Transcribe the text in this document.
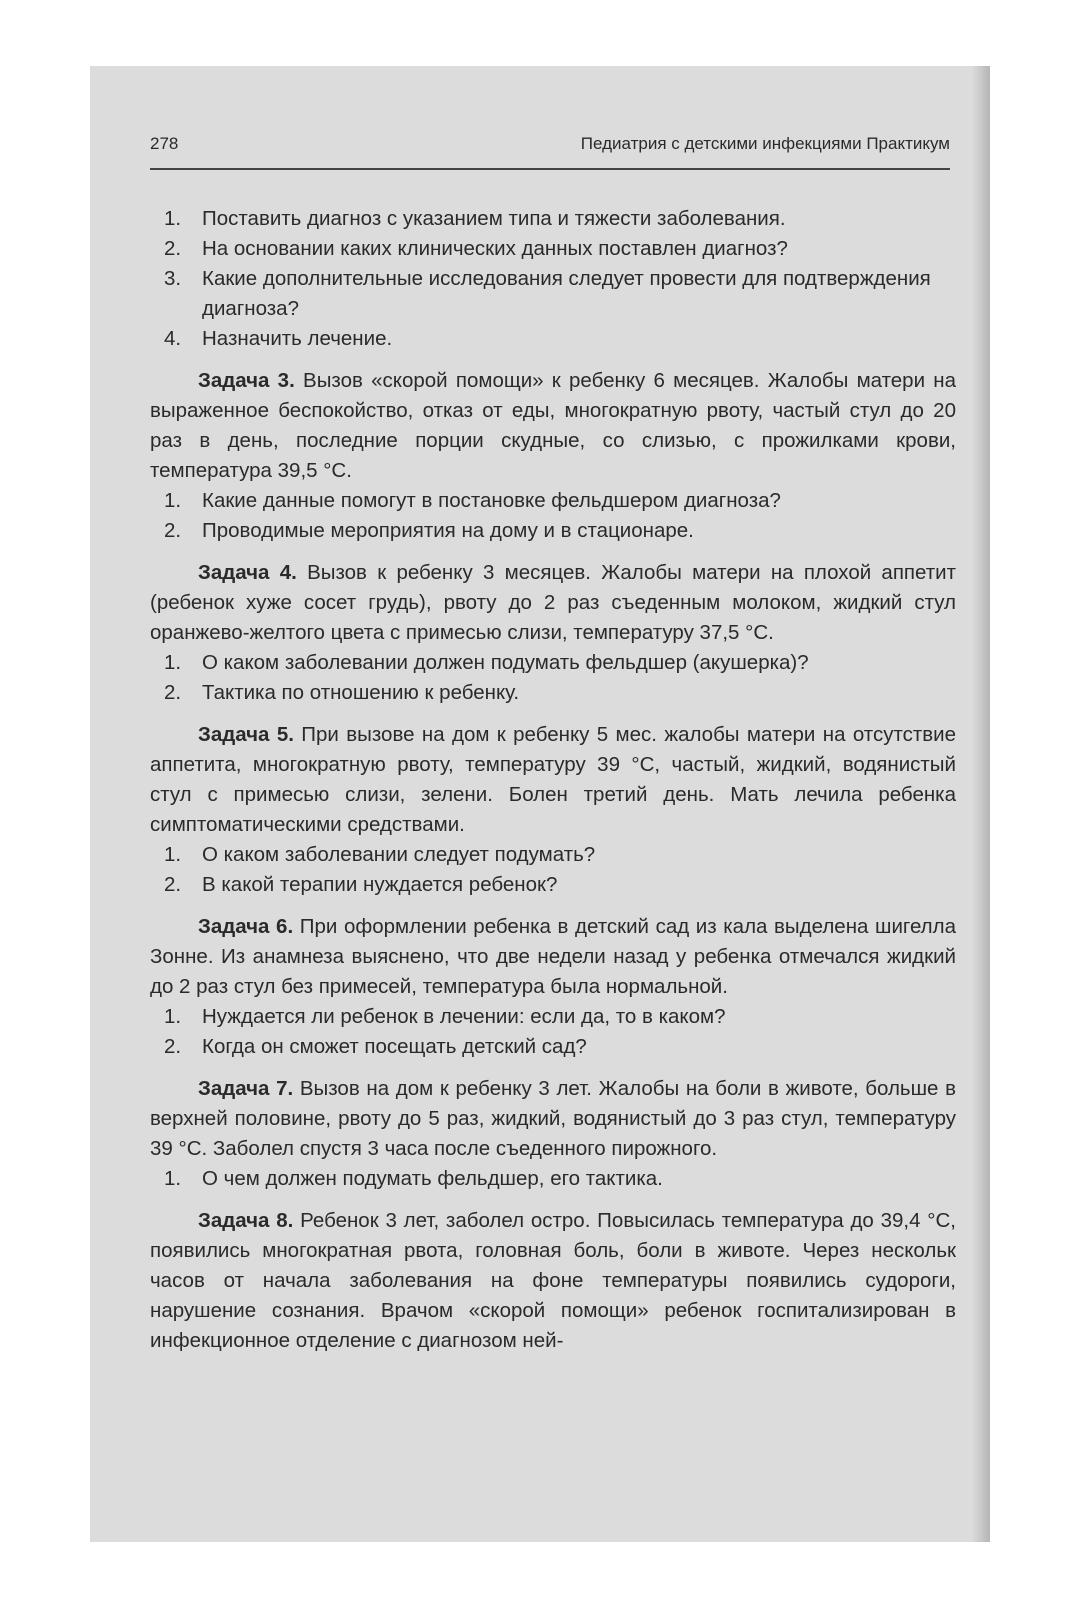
278	Педиатрия с детскими инфекциями Практикум
1. Поставить диагноз с указанием типа и тяжести заболевания.
2. На основании каких клинических данных поставлен диагноз?
3. Какие дополнительные исследования следует провести для подтверждения диагноза?
4. Назначить лечение.

Задача 3. Вызов «скорой помощи» к ребенку 6 месяцев. Жалобы матери на выраженное беспокойство, отказ от еды, многократную рвоту, частый стул до 20 раз в день, последние порции скудные, со слизью, с прожилками крови, температура 39,5 °С.

1. Какие данные помогут в постановке фельдшером диагноза?
2. Проводимые мероприятия на дому и в стационаре.

Задача 4. Вызов к ребенку 3 месяцев. Жалобы матери на плохой аппетит (ребенок хуже сосет грудь), рвоту до 2 раз съеденным молоком, жидкий стул оранжево-желтого цвета с примесью слизи, температуру 37,5 °С.

1. О каком заболевании должен подумать фельдшер (акушерка)?
2. Тактика по отношению к ребенку.

Задача 5. При вызове на дом к ребенку 5 мес. жалобы матери на отсутствие аппетита, многократную рвоту, температуру 39 °С, частый, жидкий, водянистый стул с примесью слизи, зелени. Болен третий день. Мать лечила ребенка симптоматическими средствами.

1. О каком заболевании следует подумать?
2. В какой терапии нуждается ребенок?

Задача 6. При оформлении ребенка в детский сад из кала выделена шигелла Зонне. Из анамнеза выяснено, что две недели назад у ребенка отмечался жидкий до 2 раз стул без примесей, температура была нормальной.

1. Нуждается ли ребенок в лечении: если да, то в каком?
2. Когда он сможет посещать детский сад?

Задача 7. Вызов на дом к ребенку 3 лет. Жалобы на боли в животе, больше в верхней половине, рвоту до 5 раз, жидкий, водянистый до 3 раз стул, температуру 39 °С. Заболел спустя 3 часа после съеденного пирожного.

1. О чем должен подумать фельдшер, его тактика.

Задача 8. Ребенок 3 лет, заболел остро. Повысилась температура до 39,4 °С, появились многократная рвота, головная боль, боли в животе. Через нескольк часов от начала заболевания на фоне температуры появились судороги, нарушение сознания. Врачом «скорой помощи» ребенок госпитализирован в инфекционное отделение с диагнозом ней-
